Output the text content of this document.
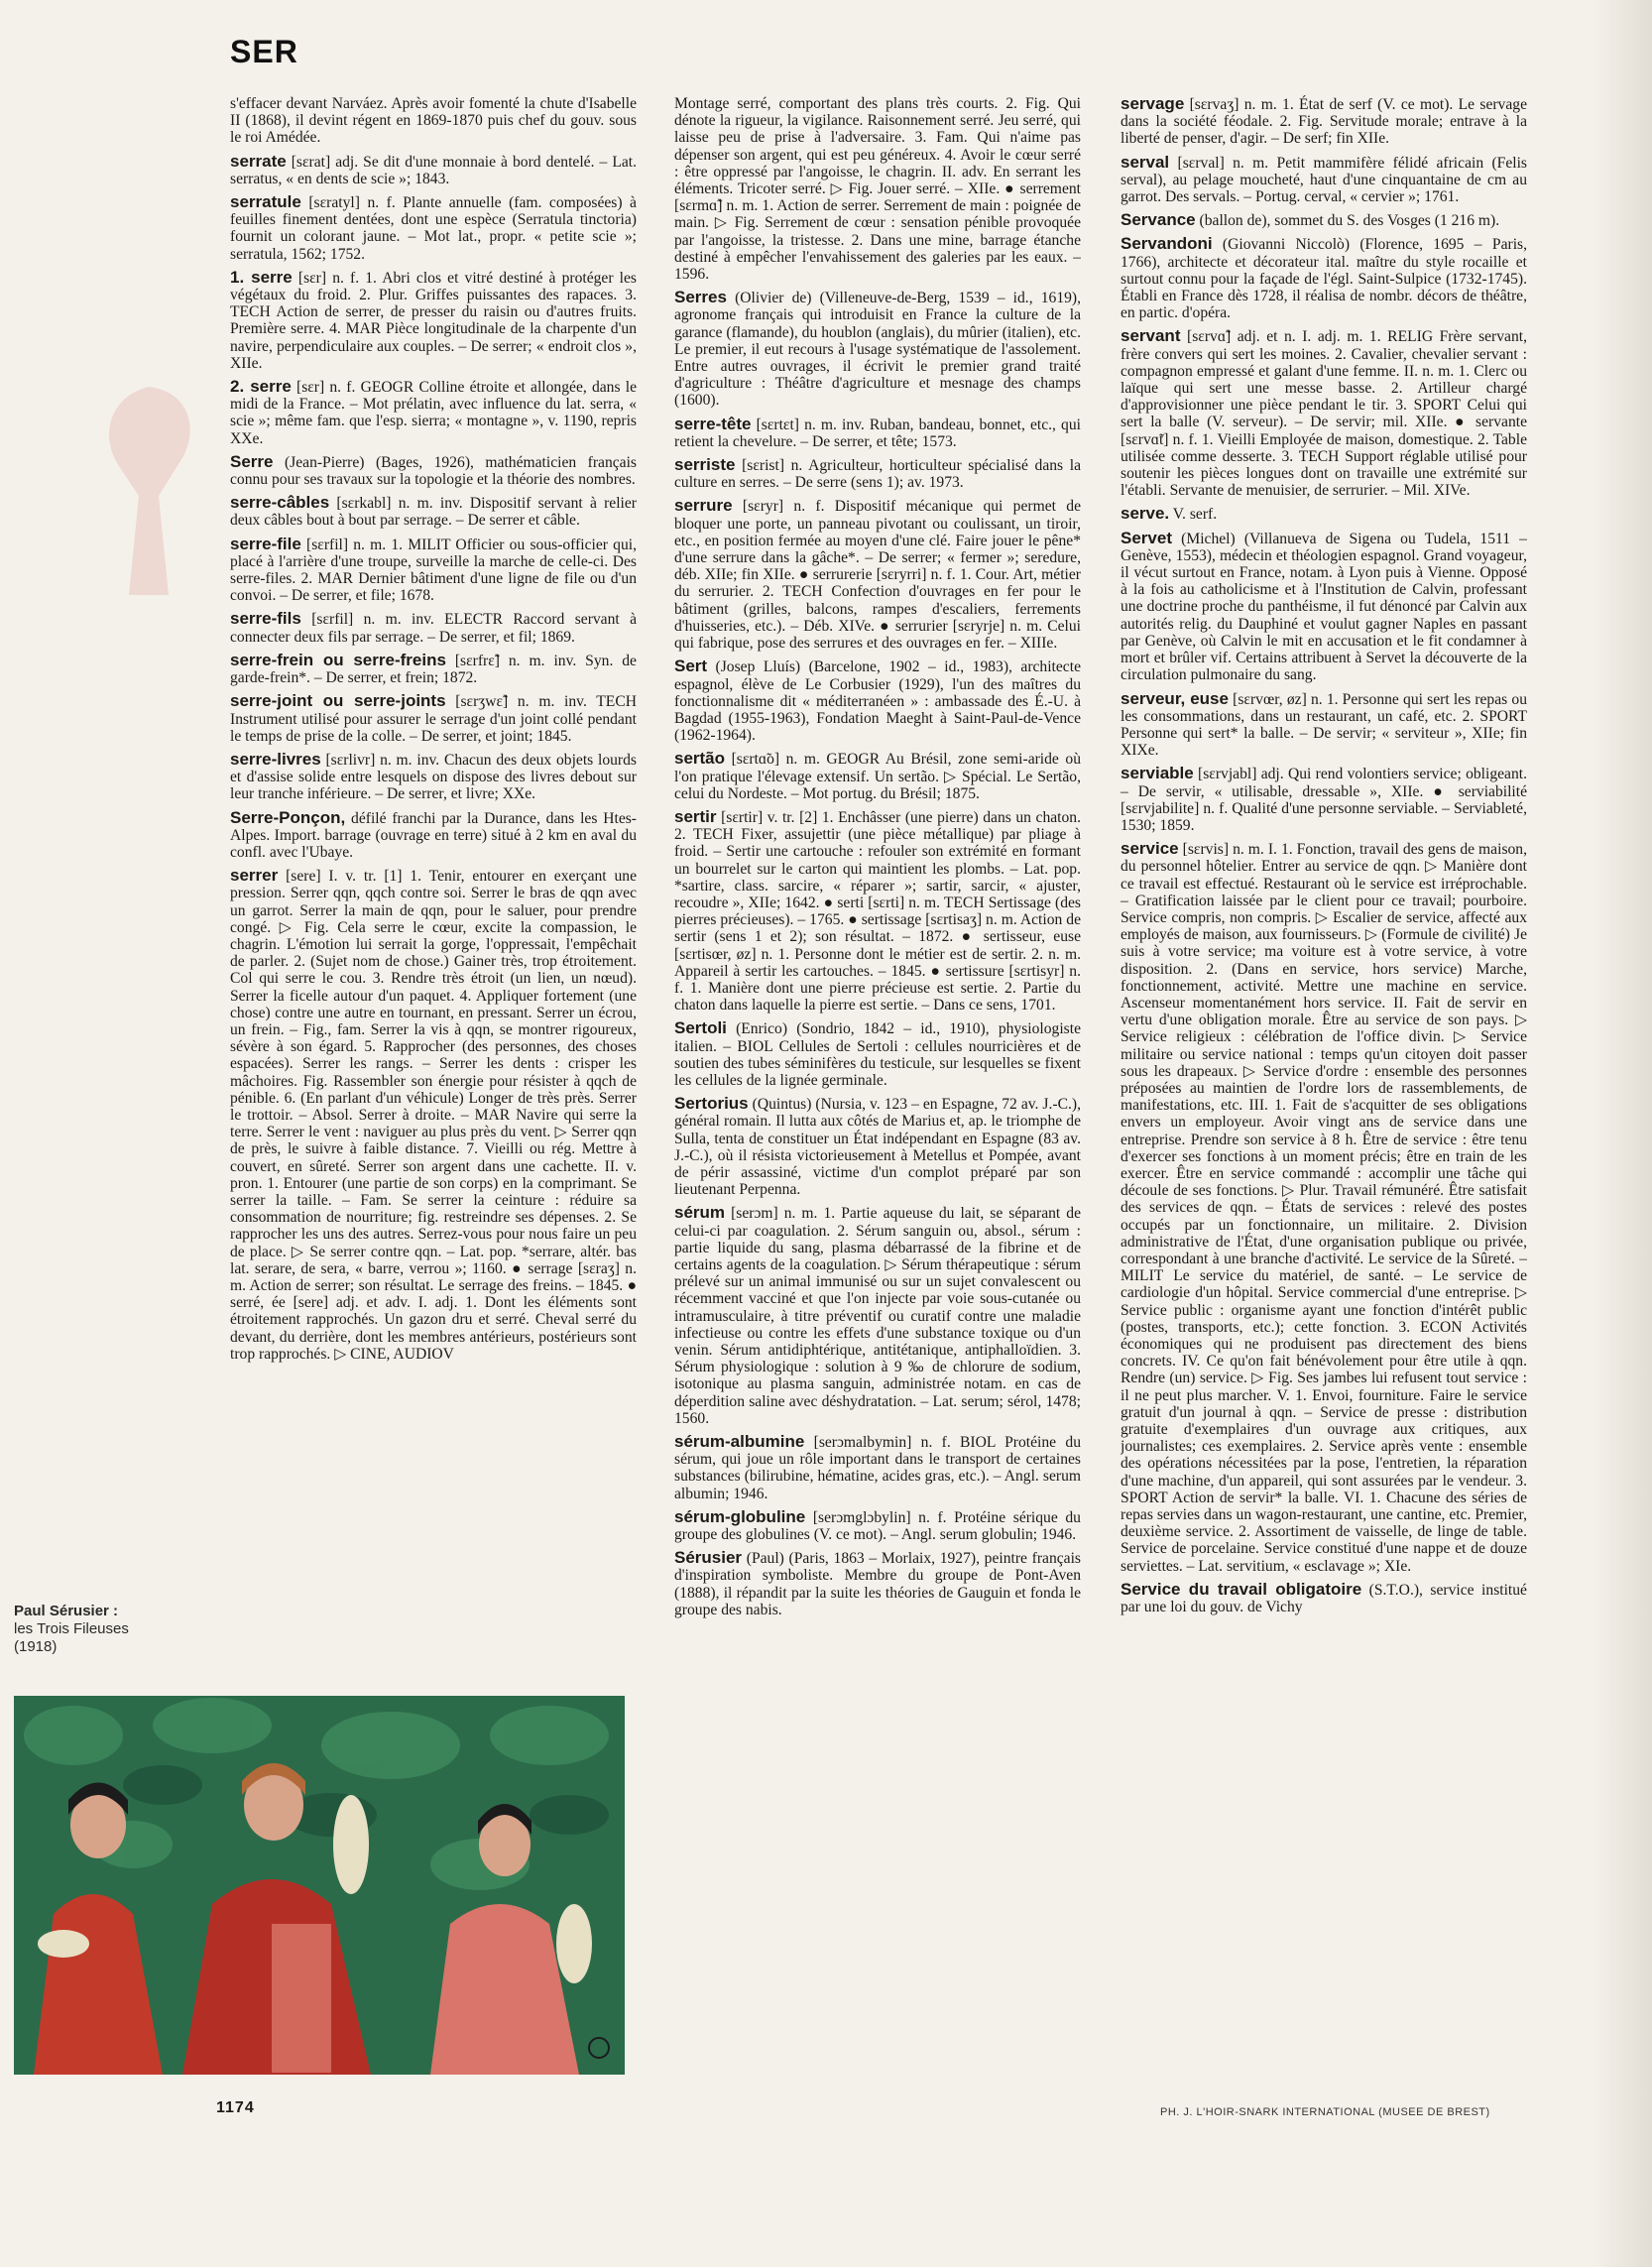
SER

s'effacer devant Narváez. Après avoir fomenté la chute d'Isabelle II (1868), il devint régent en 1869-1870 puis chef du gouv. sous le roi Amédée.

serrate [sɛrat] adj. Se dit d'une monnaie à bord dentelé. – Lat. serratus, « en dents de scie »; 1843.

serratule [sɛratyl] n. f. Plante annuelle (fam. composées) à feuilles finement dentées, dont une espèce (Serratula tinctoria) fournit un colorant jaune. – Mot lat., propr. « petite scie »; serratula, 1562; 1752.

1. serre [sɛr] n. f. 1. Abri clos et vitré destiné à protéger les végétaux du froid. 2. Plur. Griffes puissantes des rapaces. 3. TECH Action de serrer, de presser du raisin ou d'autres fruits. Première serre. 4. MAR Pièce longitudinale de la charpente d'un navire, perpendiculaire aux couples. – De serrer; « endroit clos », XIIe.

2. serre [sɛr] n. f. GEOGR Colline étroite et allongée, dans le midi de la France. – Mot prélatin, avec influence du lat. serra, « scie »; même fam. que l'esp. sierra; « montagne », v. 1190, repris XXe.

Serre (Jean-Pierre) (Bages, 1926), mathématicien français connu pour ses travaux sur la topologie et la théorie des nombres.

serre-câbles [sɛrkabl] n. m. inv. Dispositif servant à relier deux câbles bout à bout par serrage. – De serrer et câble.

serre-file [sɛrfil] n. m. 1. MILIT Officier ou sous-officier qui, placé à l'arrière d'une troupe, surveille la marche de celle-ci. Des serre-files. 2. MAR Dernier bâtiment d'une ligne de file ou d'un convoi. – De serrer, et file; 1678.

serre-fils [sɛrfil] n. m. inv. ELECTR Raccord servant à connecter deux fils par serrage. – De serrer, et fil; 1869.

serre-frein ou serre-freins [sɛrfrɛ̃] n. m. inv. Syn. de garde-frein*. – De serrer, et frein; 1872.

serre-joint ou serre-joints [sɛrʒwɛ̃] n. m. inv. TECH Instrument utilisé pour assurer le serrage d'un joint collé pendant le temps de prise de la colle. – De serrer, et joint; 1845.

serre-livres [sɛrlivr] n. m. inv. Chacun des deux objets lourds et d'assise solide entre lesquels on dispose des livres debout sur leur tranche inférieure. – De serrer, et livre; XXe.

Serre-Ponçon, défilé franchi par la Durance, dans les Htes-Alpes. Import. barrage (ouvrage en terre) situé à 2 km en aval du confl. avec l'Ubaye.

serrer [sere] I. v. tr. [1] 1. Tenir, entourer en exerçant une pression. Serrer qqn, qqch contre soi. Serrer le bras de qqn avec un garrot. Serrer la main de qqn, pour le saluer, pour prendre congé. ▷ Fig. Cela serre le cœur, excite la compassion, le chagrin. L'émotion lui serrait la gorge, l'oppressait, l'empêchait de parler. 2. (Sujet nom de chose.) Gainer très, trop étroitement. Col qui serre le cou. 3. Rendre très étroit (un lien, un nœud). Serrer la ficelle autour d'un paquet. 4. Appliquer fortement (une chose) contre une autre en tournant, en pressant. Serrer un écrou, un frein. – Fig., fam. Serrer la vis à qqn, se montrer rigoureux, sévère à son égard. 5. Rapprocher (des personnes, des choses espacées). Serrer les rangs. – Serrer les dents : crisper les mâchoires. Fig. Rassembler son énergie pour résister à qqch de pénible. 6. (En parlant d'un véhicule) Longer de très près. Serrer le trottoir. – Absol. Serrer à droite. – MAR Navire qui serre la terre. Serrer le vent : naviguer au plus près du vent. ▷ Serrer qqn de près, le suivre à faible distance. 7. Vieilli ou rég. Mettre à couvert, en sûreté. Serrer son argent dans une cachette. II. v. pron. 1. Entourer (une partie de son corps) en la comprimant. Se serrer la taille. – Fam. Se serrer la ceinture : réduire sa consommation de nourriture; fig. restreindre ses dépenses. 2. Se rapprocher les uns des autres. Serrez-vous pour nous faire un peu de place. ▷ Se serrer contre qqn. – Lat. pop. *serrare, altér. bas lat. serare, de sera, « barre, verrou »; 1160. ● serrage [sɛraʒ] n. m. Action de serrer; son résultat. Le serrage des freins. – 1845. ● serré, ée [sere] adj. et adv. I. adj. 1. Dont les éléments sont étroitement rapprochés. Un gazon dru et serré. Cheval serré du devant, du derrière, dont les membres antérieurs, postérieurs sont trop rapprochés. ▷ CINE, AUDIOV

Montage serré, comportant des plans très courts. 2. Fig. Qui dénote la rigueur, la vigilance. Raisonnement serré. Jeu serré, qui laisse peu de prise à l'adversaire. 3. Fam. Qui n'aime pas dépenser son argent, qui est peu généreux. 4. Avoir le cœur serré : être oppressé par l'angoisse, le chagrin. II. adv. En serrant les éléments. Tricoter serré. ▷ Fig. Jouer serré. – XIIe. ● serrement [sɛrmɑ̃] n. m. 1. Action de serrer. Serrement de main : poignée de main. ▷ Fig. Serrement de cœur : sensation pénible provoquée par l'angoisse, la tristesse. 2. Dans une mine, barrage étanche destiné à empêcher l'envahissement des galeries par les eaux. – 1596.

Serres (Olivier de) (Villeneuve-de-Berg, 1539 – id., 1619), agronome français qui introduisit en France la culture de la garance (flamande), du houblon (anglais), du mûrier (italien), etc. Le premier, il eut recours à l'usage systématique de l'assolement. Entre autres ouvrages, il écrivit le premier grand traité d'agriculture : Théâtre d'agriculture et mesnage des champs (1600).

serre-tête [sɛrtɛt] n. m. inv. Ruban, bandeau, bonnet, etc., qui retient la chevelure. – De serrer, et tête; 1573.

serriste [sɛrist] n. Agriculteur, horticulteur spécialisé dans la culture en serres. – De serre (sens 1); av. 1973.

serrure [sɛryr] n. f. Dispositif mécanique qui permet de bloquer une porte, un panneau pivotant ou coulissant, un tiroir, etc., en position fermée au moyen d'une clé. Faire jouer le pêne* d'une serrure dans la gâche*. – De serrer; « fermer »; seredure, déb. XIIe; fin XIIe. ● serrurerie [sɛryrri] n. f. 1. Cour. Art, métier du serrurier. 2. TECH Confection d'ouvrages en fer pour le bâtiment (grilles, balcons, rampes d'escaliers, ferrements d'huisseries, etc.). – Déb. XIVe. ● serrurier [sɛryrje] n. m. Celui qui fabrique, pose des serrures et des ouvrages en fer. – XIIIe.

Sert (Josep Lluís) (Barcelone, 1902 – id., 1983), architecte espagnol, élève de Le Corbusier (1929), l'un des maîtres du fonctionnalisme dit « méditerranéen » : ambassade des É.-U. à Bagdad (1955-1963), Fondation Maeght à Saint-Paul-de-Vence (1962-1964).

sertão [sɛrtɑ̃o] n. m. GEOGR Au Brésil, zone semi-aride où l'on pratique l'élevage extensif. Un sertão. ▷ Spécial. Le Sertão, celui du Nordeste. – Mot portug. du Brésil; 1875.

sertir [sɛrtir] v. tr. [2] 1. Enchâsser (une pierre) dans un chaton. 2. TECH Fixer, assujettir (une pièce métallique) par pliage à froid. – Sertir une cartouche : refouler son extrémité en formant un bourrelet sur le carton qui maintient les plombs. – Lat. pop. *sartire, class. sarcire, « réparer »; sartir, sarcir, « ajuster, recoudre », XIIe; 1642. ● serti [sɛrti] n. m. TECH Sertissage (des pierres précieuses). – 1765. ● sertissage [sɛrtisaʒ] n. m. Action de sertir (sens 1 et 2); son résultat. – 1872. ● sertisseur, euse [sɛrtisœr, øz] n. 1. Personne dont le métier est de sertir. 2. n. m. Appareil à sertir les cartouches. – 1845. ● sertissure [sɛrtisyr] n. f. 1. Manière dont une pierre précieuse est sertie. 2. Partie du chaton dans laquelle la pierre est sertie. – Dans ce sens, 1701.

Sertoli (Enrico) (Sondrio, 1842 – id., 1910), physiologiste italien. – BIOL Cellules de Sertoli : cellules nourricières et de soutien des tubes séminifères du testicule, sur lesquelles se fixent les cellules de la lignée germinale.

Sertorius (Quintus) (Nursia, v. 123 – en Espagne, 72 av. J.-C.), général romain. Il lutta aux côtés de Marius et, ap. le triomphe de Sulla, tenta de constituer un État indépendant en Espagne (83 av. J.-C.), où il résista victorieusement à Metellus et Pompée, avant de périr assassiné, victime d'un complot préparé par son lieutenant Perpenna.

sérum [serɔm] n. m. 1. Partie aqueuse du lait, se séparant de celui-ci par coagulation. 2. Sérum sanguin ou, absol., sérum : partie liquide du sang, plasma débarrassé de la fibrine et de certains agents de la coagulation. ▷ Sérum thérapeutique : sérum prélevé sur un animal immunisé ou sur un sujet convalescent ou récemment vacciné et que l'on injecte par voie sous-cutanée ou intramusculaire, à titre préventif ou curatif contre une maladie infectieuse ou contre les effets d'une substance toxique ou d'un venin. Sérum antidiphtérique, antitétanique, antiphalloïdien. 3. Sérum physiologique : solution à 9 ‰ de chlorure de sodium, isotonique au plasma sanguin, administrée notam. en cas de déperdition saline avec déshydratation. – Lat. serum; sérol, 1478; 1560.

sérum-albumine [serɔmalbymin] n. f. BIOL Protéine du sérum, qui joue un rôle important dans le transport de certaines substances (bilirubine, hématine, acides gras, etc.). – Angl. serum albumin; 1946.

sérum-globuline [serɔmglɔbylin] n. f. Protéine sérique du groupe des globulines (V. ce mot). – Angl. serum globulin; 1946.

Sérusier (Paul) (Paris, 1863 – Morlaix, 1927), peintre français d'inspiration symboliste. Membre du groupe de Pont-Aven (1888), il répandit par la suite les théories de Gauguin et fonda le groupe des nabis.

servage [sɛrvaʒ] n. m. 1. État de serf (V. ce mot). Le servage dans la société féodale. 2. Fig. Servitude morale; entrave à la liberté de penser, d'agir. – De serf; fin XIIe.

serval [sɛrval] n. m. Petit mammifère félidé africain (Felis serval), au pelage moucheté, haut d'une cinquantaine de cm au garrot. Des servals. – Portug. cerval, « cervier »; 1761.

Servance (ballon de), sommet du S. des Vosges (1 216 m).

Servandoni (Giovanni Niccolò) (Florence, 1695 – Paris, 1766), architecte et décorateur ital. maître du style rocaille et surtout connu pour la façade de l'égl. Saint-Sulpice (1732-1745). Établi en France dès 1728, il réalisa de nombr. décors de théâtre, en partic. d'opéra.

servant [sɛrvɑ̃] adj. et n. I. adj. m. 1. RELIG Frère servant, frère convers qui sert les moines. 2. Cavalier, chevalier servant : compagnon empressé et galant d'une femme. II. n. m. 1. Clerc ou laïque qui sert une messe basse. 2. Artilleur chargé d'approvisionner une pièce pendant le tir. 3. SPORT Celui qui sert la balle (V. serveur). – De servir; mil. XIIe. ● servante [sɛrvɑ̃t] n. f. 1. Vieilli Employée de maison, domestique. 2. Table utilisée comme desserte. 3. TECH Support réglable utilisé pour soutenir les pièces longues dont on travaille une extrémité sur l'établi. Servante de menuisier, de serrurier. – Mil. XIVe.

serve. V. serf.

Servet (Michel) (Villanueva de Sigena ou Tudela, 1511 – Genève, 1553), médecin et théologien espagnol. Grand voyageur, il vécut surtout en France, notam. à Lyon puis à Vienne. Opposé à la fois au catholicisme et à l'Institution de Calvin, professant une doctrine proche du panthéisme, il fut dénoncé par Calvin aux autorités relig. du Dauphiné et voulut gagner Naples en passant par Genève, où Calvin le mit en accusation et le fit condamner à mort et brûler vif. Certains attribuent à Servet la découverte de la circulation pulmonaire du sang.

serveur, euse [sɛrvœr, øz] n. 1. Personne qui sert les repas ou les consommations, dans un restaurant, un café, etc. 2. SPORT Personne qui sert* la balle. – De servir; « serviteur », XIIe; fin XIXe.

serviable [sɛrvjabl] adj. Qui rend volontiers service; obligeant. – De servir, « utilisable, dressable », XIIe. ● serviabilité [sɛrvjabilite] n. f. Qualité d'une personne serviable. – Serviableté, 1530; 1859.

service [sɛrvis] n. m. I. 1. Fonction, travail des gens de maison, du personnel hôtelier. Entrer au service de qqn. ▷ Manière dont ce travail est effectué. Restaurant où le service est irréprochable. – Gratification laissée par le client pour ce travail; pourboire. Service compris, non compris. ▷ Escalier de service, affecté aux employés de maison, aux fournisseurs. ▷ (Formule de civilité) Je suis à votre service; ma voiture est à votre service, à votre disposition. 2. (Dans en service, hors service) Marche, fonctionnement, activité. Mettre une machine en service. Ascenseur momentanément hors service. II. Fait de servir en vertu d'une obligation morale. Être au service de son pays. ▷ Service religieux : célébration de l'office divin. ▷ Service militaire ou service national : temps qu'un citoyen doit passer sous les drapeaux. ▷ Service d'ordre : ensemble des personnes préposées au maintien de l'ordre lors de rassemblements, de manifestations, etc. III. 1. Fait de s'acquitter de ses obligations envers un employeur. Avoir vingt ans de service dans une entreprise. Prendre son service à 8 h. Être de service : être tenu d'exercer ses fonctions à un moment précis; être en train de les exercer. Être en service commandé : accomplir une tâche qui découle de ses fonctions. ▷ Plur. Travail rémunéré. Être satisfait des services de qqn. – États de services : relevé des postes occupés par un fonctionnaire, un militaire. 2. Division administrative de l'État, d'une organisation publique ou privée, correspondant à une branche d'activité. Le service de la Sûreté. – MILIT Le service du matériel, de santé. – Le service de cardiologie d'un hôpital. Service commercial d'une entreprise. ▷ Service public : organisme ayant une fonction d'intérêt public (postes, transports, etc.); cette fonction. 3. ECON Activités économiques qui ne produisent pas directement des biens concrets. IV. Ce qu'on fait bénévolement pour être utile à qqn. Rendre (un) service. ▷ Fig. Ses jambes lui refusent tout service : il ne peut plus marcher. V. 1. Envoi, fourniture. Faire le service gratuit d'un journal à qqn. – Service de presse : distribution gratuite d'exemplaires d'un ouvrage aux critiques, aux journalistes; ces exemplaires. 2. Service après vente : ensemble des opérations nécessitées par la pose, l'entretien, la réparation d'une machine, d'un appareil, qui sont assurées par le vendeur. 3. SPORT Action de servir* la balle. VI. 1. Chacune des séries de repas servies dans un wagon-restaurant, une cantine, etc. Premier, deuxième service. 2. Assortiment de vaisselle, de linge de table. Service de porcelaine. Service constitué d'une nappe et de douze serviettes. – Lat. servitium, « esclavage »; XIe.

Service du travail obligatoire (S.T.O.), service institué par une loi du gouv. de Vichy

Paul Sérusier :
les Trois Fileuses
(1918)
1174	PH. J. L'HOIR-SNARK INTERNATIONAL (MUSEE DE BREST)
